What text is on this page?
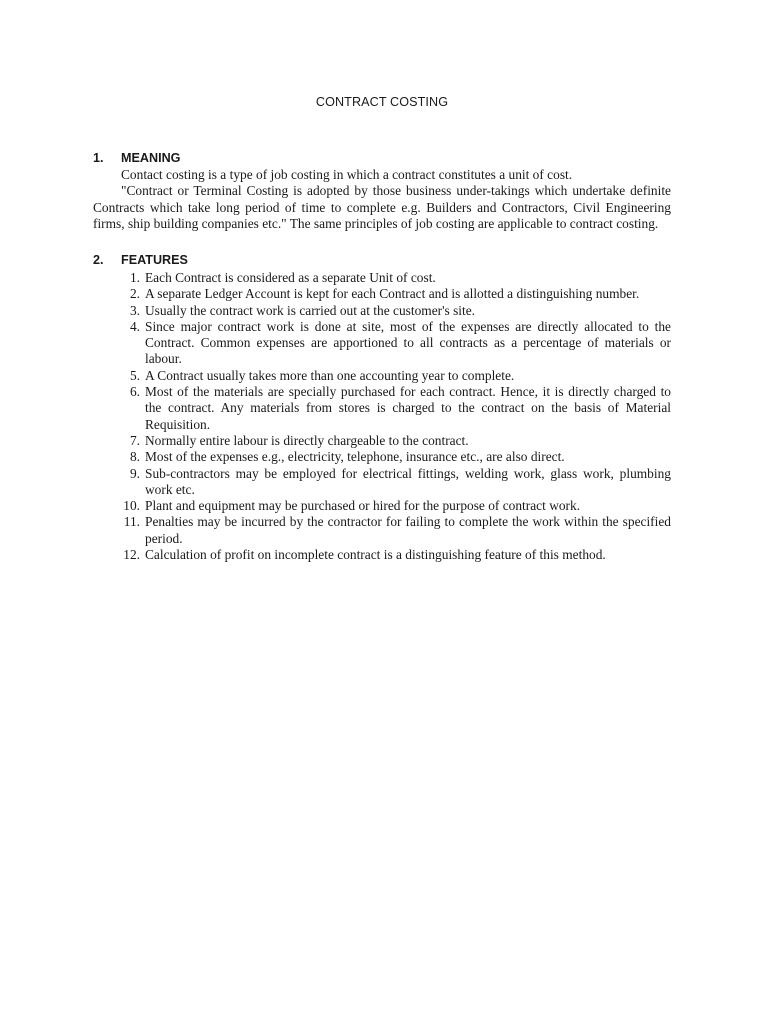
CONTRACT COSTING
1. MEANING

Contact costing is a type of job costing in which a contract constitutes a unit of cost.

"Contract or Terminal Costing is adopted by those business under-takings which undertake definite Contracts which take long period of time to complete e.g. Builders and Contractors, Civil Engineering firms, ship building companies etc." The same principles of job costing are applicable to contract costing.

2. FEATURES
1. Each Contract is considered as a separate Unit of cost.
2. A separate Ledger Account is kept for each Contract and is allotted a distinguishing number.
3. Usually the contract work is carried out at the customer's site.
4. Since major contract work is done at site, most of the expenses are directly allocated to the Contract. Common expenses are apportioned to all contracts as a percentage of materials or labour.
5. A Contract usually takes more than one accounting year to complete.
6. Most of the materials are specially purchased for each contract. Hence, it is directly charged to the contract. Any materials from stores is charged to the contract on the basis of Material Requisition.
7. Normally entire labour is directly chargeable to the contract.
8. Most of the expenses e.g., electricity, telephone, insurance etc., are also direct.
9. Sub-contractors may be employed for electrical fittings, welding work, glass work, plumbing work etc.
10. Plant and equipment may be purchased or hired for the purpose of contract work.
11. Penalties may be incurred by the contractor for failing to complete the work within the specified period.
12. Calculation of profit on incomplete contract is a distinguishing feature of this method.
